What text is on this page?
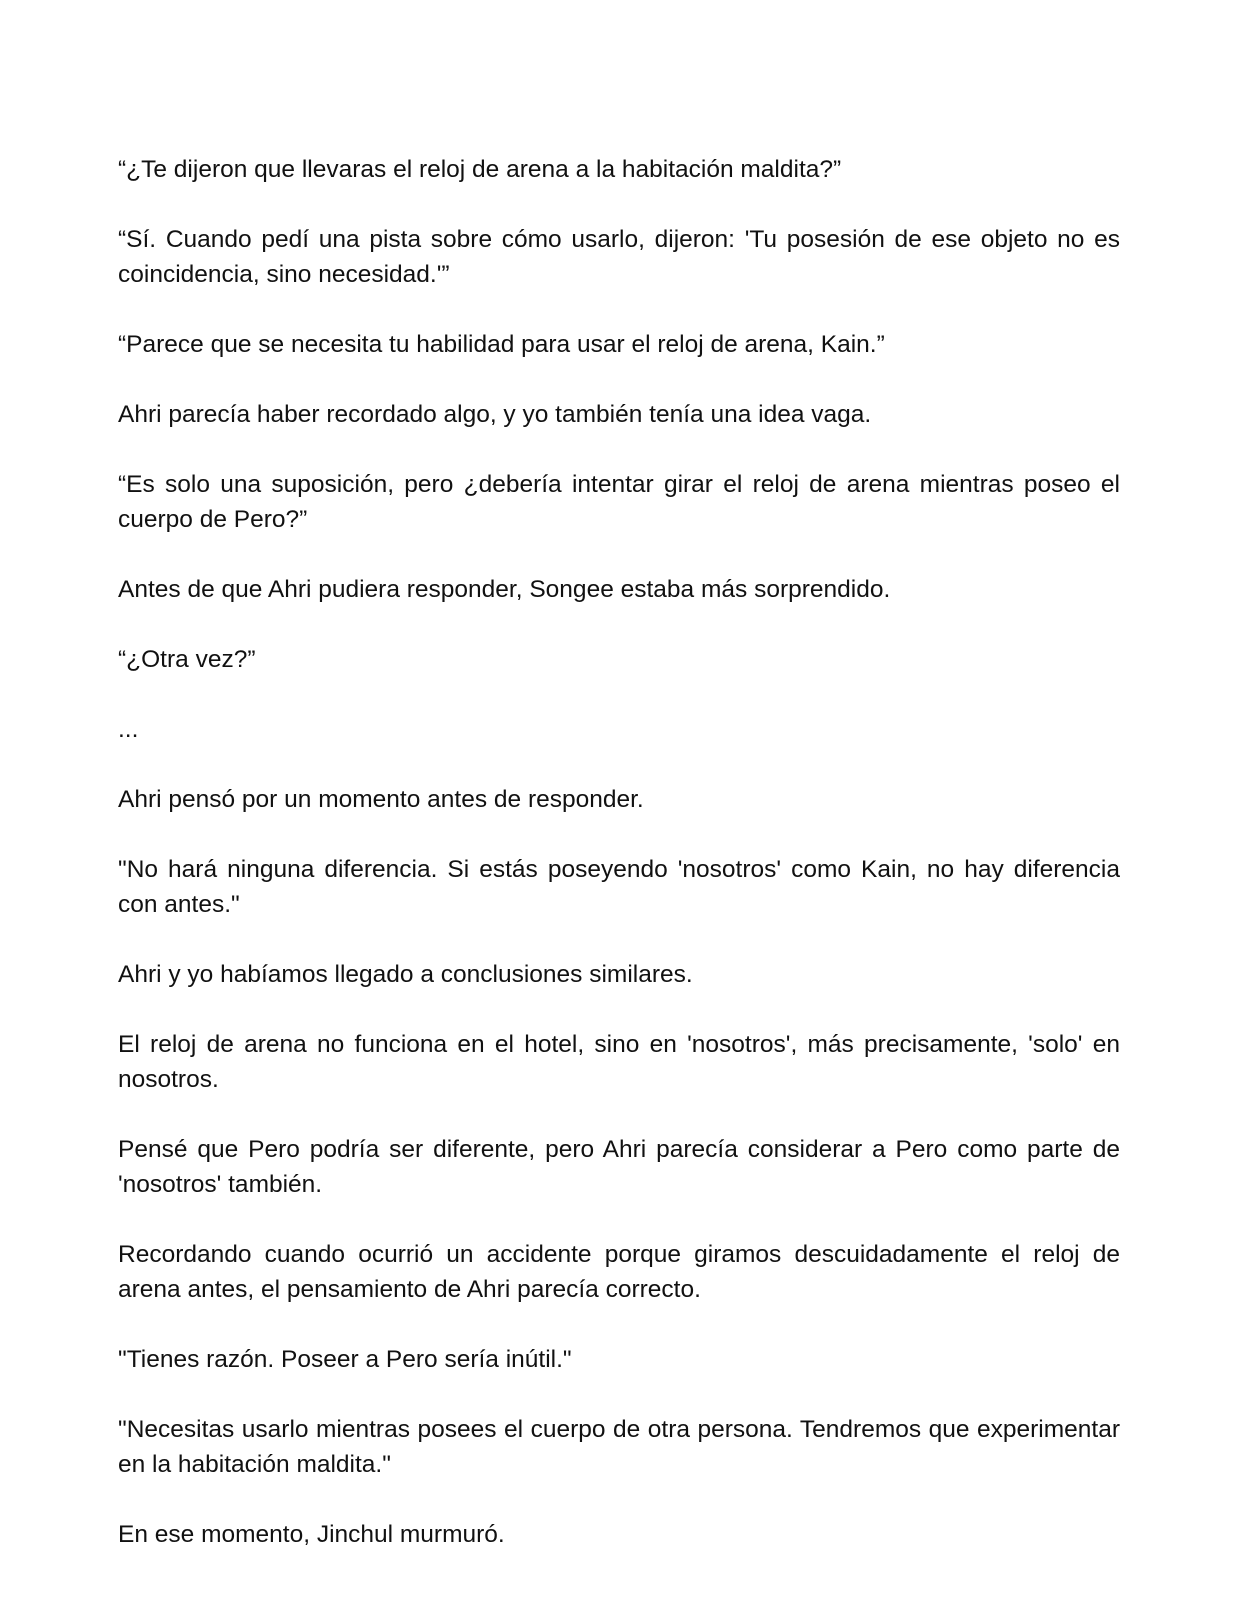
“¿Te dijeron que llevaras el reloj de arena a la habitación maldita?”

“Sí. Cuando pedí una pista sobre cómo usarlo, dijeron: 'Tu posesión de ese objeto no es coincidencia, sino necesidad.'”

“Parece que se necesita tu habilidad para usar el reloj de arena, Kain.”

Ahri parecía haber recordado algo, y yo también tenía una idea vaga.

“Es solo una suposición, pero ¿debería intentar girar el reloj de arena mientras poseo el cuerpo de Pero?”

Antes de que Ahri pudiera responder, Songee estaba más sorprendido.

“¿Otra vez?”

...

Ahri pensó por un momento antes de responder.

"No hará ninguna diferencia. Si estás poseyendo 'nosotros' como Kain, no hay diferencia con antes."

Ahri y yo habíamos llegado a conclusiones similares.

El reloj de arena no funciona en el hotel, sino en 'nosotros', más precisamente, 'solo' en nosotros.

Pensé que Pero podría ser diferente, pero Ahri parecía considerar a Pero como parte de 'nosotros' también.

Recordando cuando ocurrió un accidente porque giramos descuidadamente el reloj de arena antes, el pensamiento de Ahri parecía correcto.

"Tienes razón. Poseer a Pero sería inútil."

"Necesitas usarlo mientras posees el cuerpo de otra persona. Tendremos que experimentar en la habitación maldita."

En ese momento, Jinchul murmuró.
